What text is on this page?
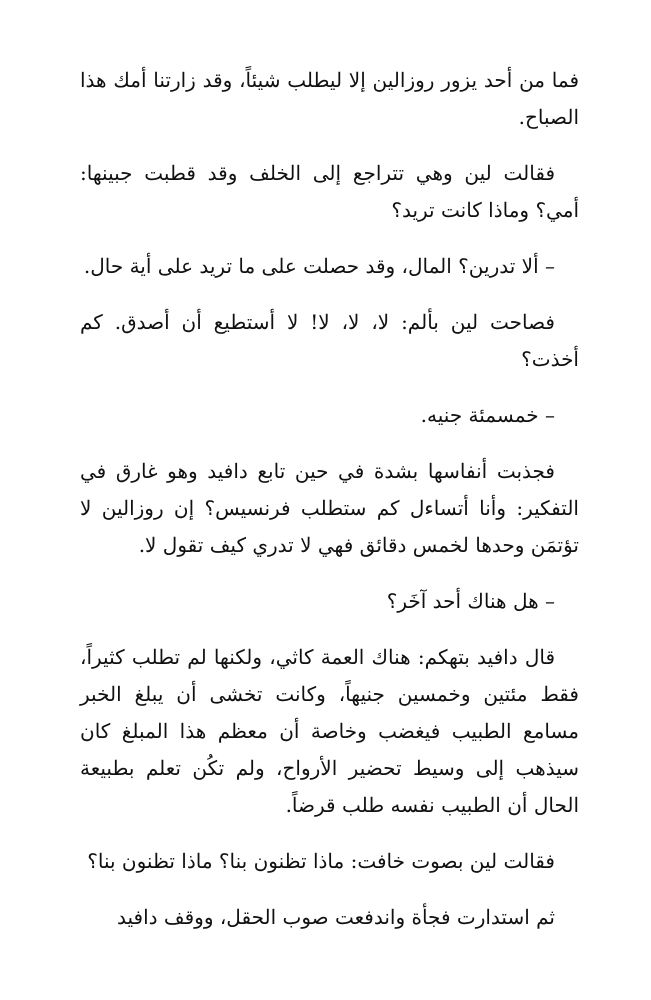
فما من أحد يزور روزالين إلا ليطلب شيئاً، وقد زارتنا أمك هذا الصباح.

فقالت لين وهي تتراجع إلى الخلف وقد قطبت جبينها: أمي؟ وماذا كانت تريد؟

– ألا تدرين؟ المال، وقد حصلت على ما تريد على أية حال.

فصاحت لين بألم: لا، لا، لا! لا أستطيع أن أصدق. كم أخذت؟

– خمسمئة جنيه.

فجذبت أنفاسها بشدة في حين تابع دافيد وهو غارق في التفكير: وأنا أتساءل كم ستطلب فرنسيس؟ إن روزالين لا تؤتمَن وحدها لخمس دقائق فهي لا تدري كيف تقول لا.

– هل هناك أحد آخَر؟

قال دافيد بتهكم: هناك العمة كاثي، ولكنها لم تطلب كثيراً، فقط مئتين وخمسين جنيهاً، وكانت تخشى أن يبلغ الخبر مسامع الطبيب فيغضب وخاصة أن معظم هذا المبلغ كان سيذهب إلى وسيط تحضير الأرواح، ولم تكُن تعلم بطبيعة الحال أن الطبيب نفسه طلب قرضاً.

فقالت لين بصوت خافت: ماذا تظنون بنا؟ ماذا تظنون بنا؟

ثم استدارت فجأة واندفعت صوب الحقل، ووقف دافيد
